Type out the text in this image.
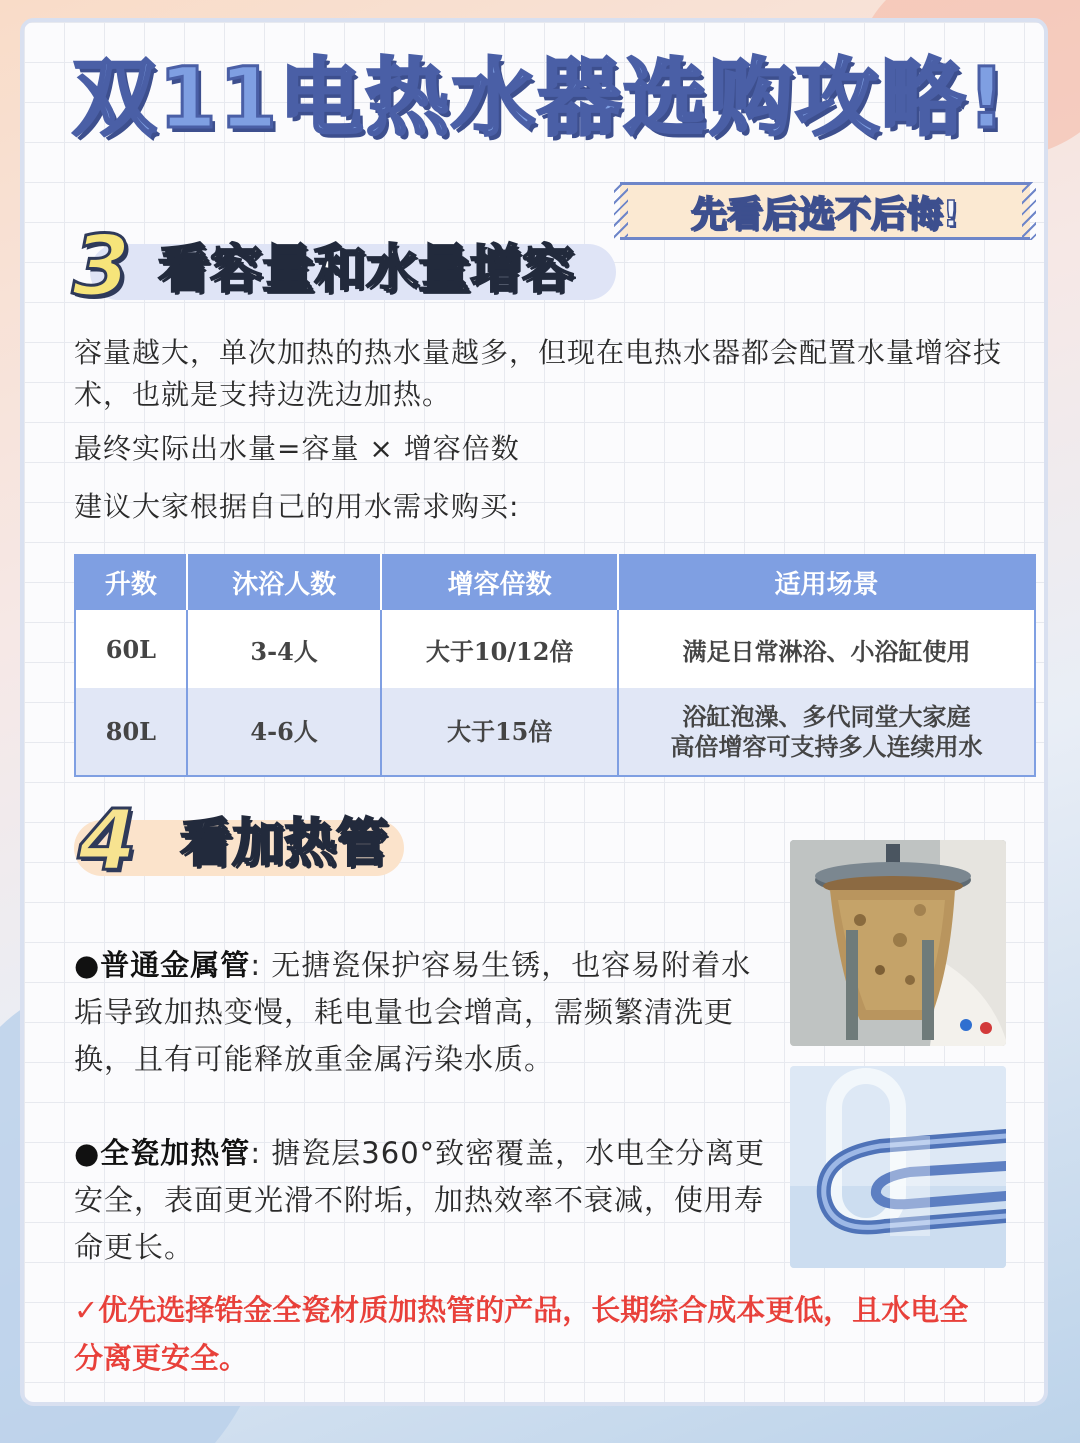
双11电热水器选购攻略!
先看后选不后悔!
3 看容量和水量增容
容量越大，单次加热的热水量越多，但现在电热水器都会配置水量增容技术，也就是支持边洗边加热。
最终实际出水量=容量 × 增容倍数
建议大家根据自己的用水需求购买:
升数	沐浴人数	增容倍数	适用场景
60L	3-4人	大于10/12倍	满足日常淋浴、小浴缸使用
80L	4-6人	大于15倍	浴缸泡澡、多代同堂大家庭
高倍增容可支持多人连续用水
4 看加热管
●普通金属管: 无搪瓷保护容易生锈，也容易附着水垢导致加热变慢，耗电量也会增高，需频繁清洗更换，且有可能释放重金属污染水质。
●全瓷加热管: 搪瓷层360°致密覆盖，水电全分离更安全，表面更光滑不附垢，加热效率不衰减，使用寿命更长。
✓优先选择锆金全瓷材质加热管的产品，长期综合成本更低，且水电全分离更安全。
